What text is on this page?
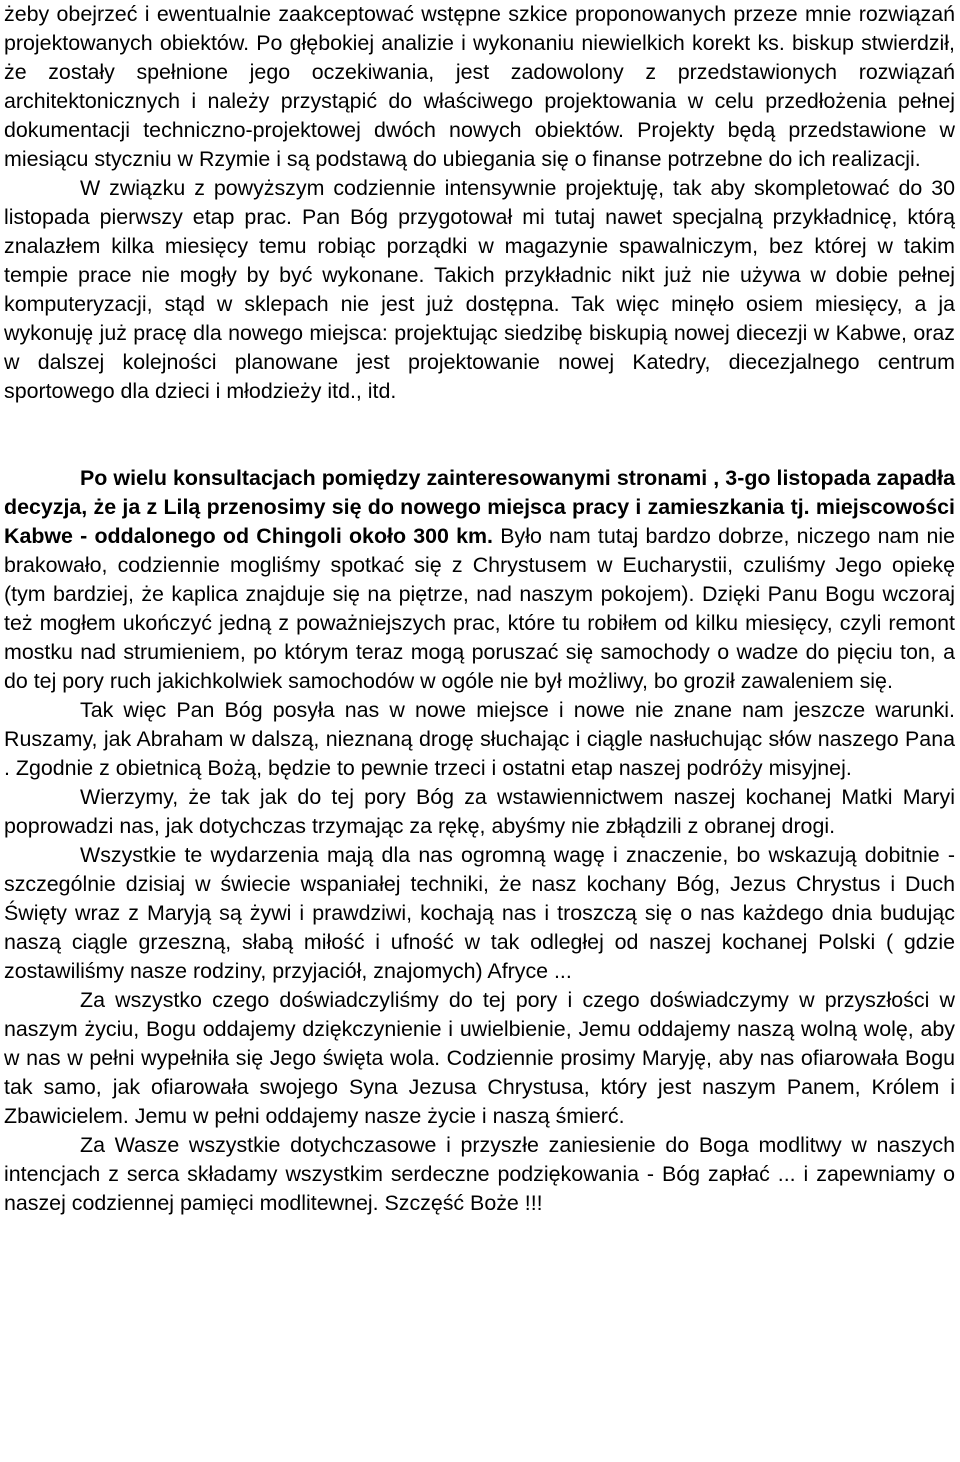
żeby obejrzeć i ewentualnie zaakceptować wstępne szkice proponowanych przeze mnie rozwiązań projektowanych obiektów. Po głębokiej analizie i wykonaniu niewielkich korekt ks. biskup stwierdził, że zostały spełnione jego oczekiwania, jest zadowolony z przedstawionych rozwiązań architektonicznych i należy przystąpić do właściwego projektowania w celu przedłożenia pełnej dokumentacji techniczno-projektowej dwóch nowych obiektów. Projekty będą przedstawione w miesiącu styczniu w Rzymie i są podstawą do ubiegania się o finanse potrzebne do ich realizacji.

W związku z powyższym codziennie intensywnie projektuję, tak aby skompletować do 30 listopada pierwszy etap prac. Pan Bóg przygotował mi tutaj nawet specjalną przykładnicę, którą znalazłem kilka miesięcy temu robiąc porządki w magazynie spawalniczym, bez której w takim tempie prace nie mogły by być wykonane. Takich przykładnic nikt już nie używa w dobie pełnej komputeryzacji, stąd w sklepach nie jest już dostępna. Tak więc minęło osiem miesięcy, a ja wykonuję już pracę dla nowego miejsca: projektując siedzibę biskupią nowej diecezji w Kabwe, oraz w dalszej kolejności planowane jest projektowanie nowej Katedry, diecezjalnego centrum sportowego dla dzieci i młodzieży itd., itd.

Po wielu konsultacjach pomiędzy zainteresowanymi stronami , 3-go listopada zapadła decyzja, że ja z Lilą przenosimy się do nowego miejsca pracy i zamieszkania tj. miejscowości Kabwe - oddalonego od Chingoli około 300 km. Było nam tutaj bardzo dobrze, niczego nam nie brakowało, codziennie mogliśmy spotkać się z Chrystusem w Eucharystii, czuliśmy Jego opiekę (tym bardziej, że kaplica znajduje się na piętrze, nad naszym pokojem). Dzięki Panu Bogu wczoraj też mogłem ukończyć jedną z poważniejszych prac, które tu robiłem od kilku miesięcy, czyli remont mostku nad strumieniem, po którym teraz mogą poruszać się samochody o wadze do pięciu ton, a do tej pory ruch jakichkolwiek samochodów w ogóle nie był możliwy, bo groził zawaleniem się.

Tak więc Pan Bóg posyła nas w nowe miejsce i nowe nie znane nam jeszcze warunki. Ruszamy, jak Abraham w dalszą, nieznaną drogę słuchając i ciągle nasłuchując słów naszego Pana . Zgodnie z obietnicą Bożą, będzie to pewnie trzeci i ostatni etap naszej podróży misyjnej.

Wierzymy, że tak jak do tej pory Bóg za wstawiennictwem naszej kochanej Matki Maryi poprowadzi nas, jak dotychczas trzymając za rękę, abyśmy nie zbłądzili z obranej drogi.

Wszystkie te wydarzenia mają dla nas ogromną wagę i znaczenie, bo wskazują dobitnie - szczególnie dzisiaj w świecie wspaniałej techniki, że nasz kochany Bóg, Jezus Chrystus i Duch Święty wraz z Maryją są żywi i prawdziwi, kochają nas i troszczą się o nas każdego dnia budując naszą ciągle grzeszną, słabą miłość i ufność w tak odległej od naszej kochanej Polski ( gdzie zostawiliśmy nasze rodziny, przyjaciół, znajomych) Afryce ...

Za wszystko czego doświadczyliśmy do tej pory i czego doświadczymy w przyszłości w naszym życiu, Bogu oddajemy dziękczynienie i uwielbienie, Jemu oddajemy naszą wolną wolę, aby w nas w pełni wypełniła się Jego święta wola. Codziennie prosimy Maryję, aby nas ofiarowała Bogu tak samo, jak ofiarowała swojego Syna Jezusa Chrystusa, który jest naszym Panem, Królem i Zbawicielem. Jemu w pełni oddajemy nasze życie i naszą śmierć.

Za Wasze wszystkie dotychczasowe i przyszłe zaniesienie do Boga modlitwy w naszych intencjach z serca składamy wszystkim serdeczne podziękowania - Bóg zapłać ... i zapewniamy o naszej codziennej pamięci modlitewnej. Szczęść Boże !!!
